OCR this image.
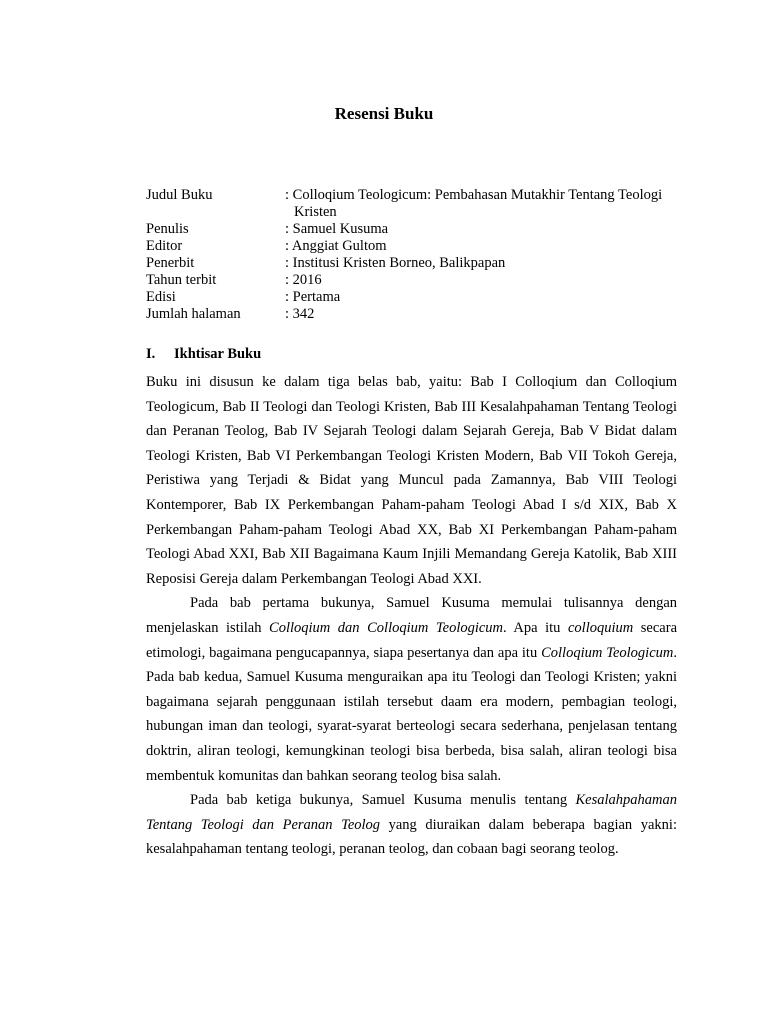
Resensi Buku
Judul Buku	: Colloqium Teologicum: Pembahasan Mutakhir Tentang Teologi Kristen
Penulis	: Samuel Kusuma
Editor	: Anggiat Gultom
Penerbit	: Institusi Kristen Borneo, Balikpapan
Tahun terbit	: 2016
Edisi	: Pertama
Jumlah halaman	: 342
I. Ikhtisar Buku

Buku ini disusun ke dalam tiga belas bab, yaitu: Bab I Colloqium dan Colloqium Teologicum, Bab II Teologi dan Teologi Kristen, Bab III Kesalahpahaman Tentang Teologi dan Peranan Teolog, Bab IV Sejarah Teologi dalam Sejarah Gereja, Bab V Bidat dalam Teologi Kristen, Bab VI Perkembangan Teologi Kristen Modern, Bab VII Tokoh Gereja, Peristiwa yang Terjadi & Bidat yang Muncul pada Zamannya, Bab VIII Teologi Kontemporer, Bab IX Perkembangan Paham-paham Teologi Abad I s/d XIX, Bab X Perkembangan Paham-paham Teologi Abad XX, Bab XI Perkembangan Paham-paham Teologi Abad XXI, Bab XII Bagaimana Kaum Injili Memandang Gereja Katolik, Bab XIII Reposisi Gereja dalam Perkembangan Teologi Abad XXI.

Pada bab pertama bukunya, Samuel Kusuma memulai tulisannya dengan menjelaskan istilah Colloqium dan Colloqium Teologicum. Apa itu colloquium secara etimologi, bagaimana pengucapannya, siapa pesertanya dan apa itu Colloqium Teologicum. Pada bab kedua, Samuel Kusuma menguraikan apa itu Teologi dan Teologi Kristen; yakni bagaimana sejarah penggunaan istilah tersebut daam era modern, pembagian teologi, hubungan iman dan teologi, syarat-syarat berteologi secara sederhana, penjelasan tentang doktrin, aliran teologi, kemungkinan teologi bisa berbeda, bisa salah, aliran teologi bisa membentuk komunitas dan bahkan seorang teolog bisa salah.

Pada bab ketiga bukunya, Samuel Kusuma menulis tentang Kesalahpahaman Tentang Teologi dan Peranan Teolog yang diuraikan dalam beberapa bagian yakni: kesalahpahaman tentang teologi, peranan teolog, dan cobaan bagi seorang teolog.
